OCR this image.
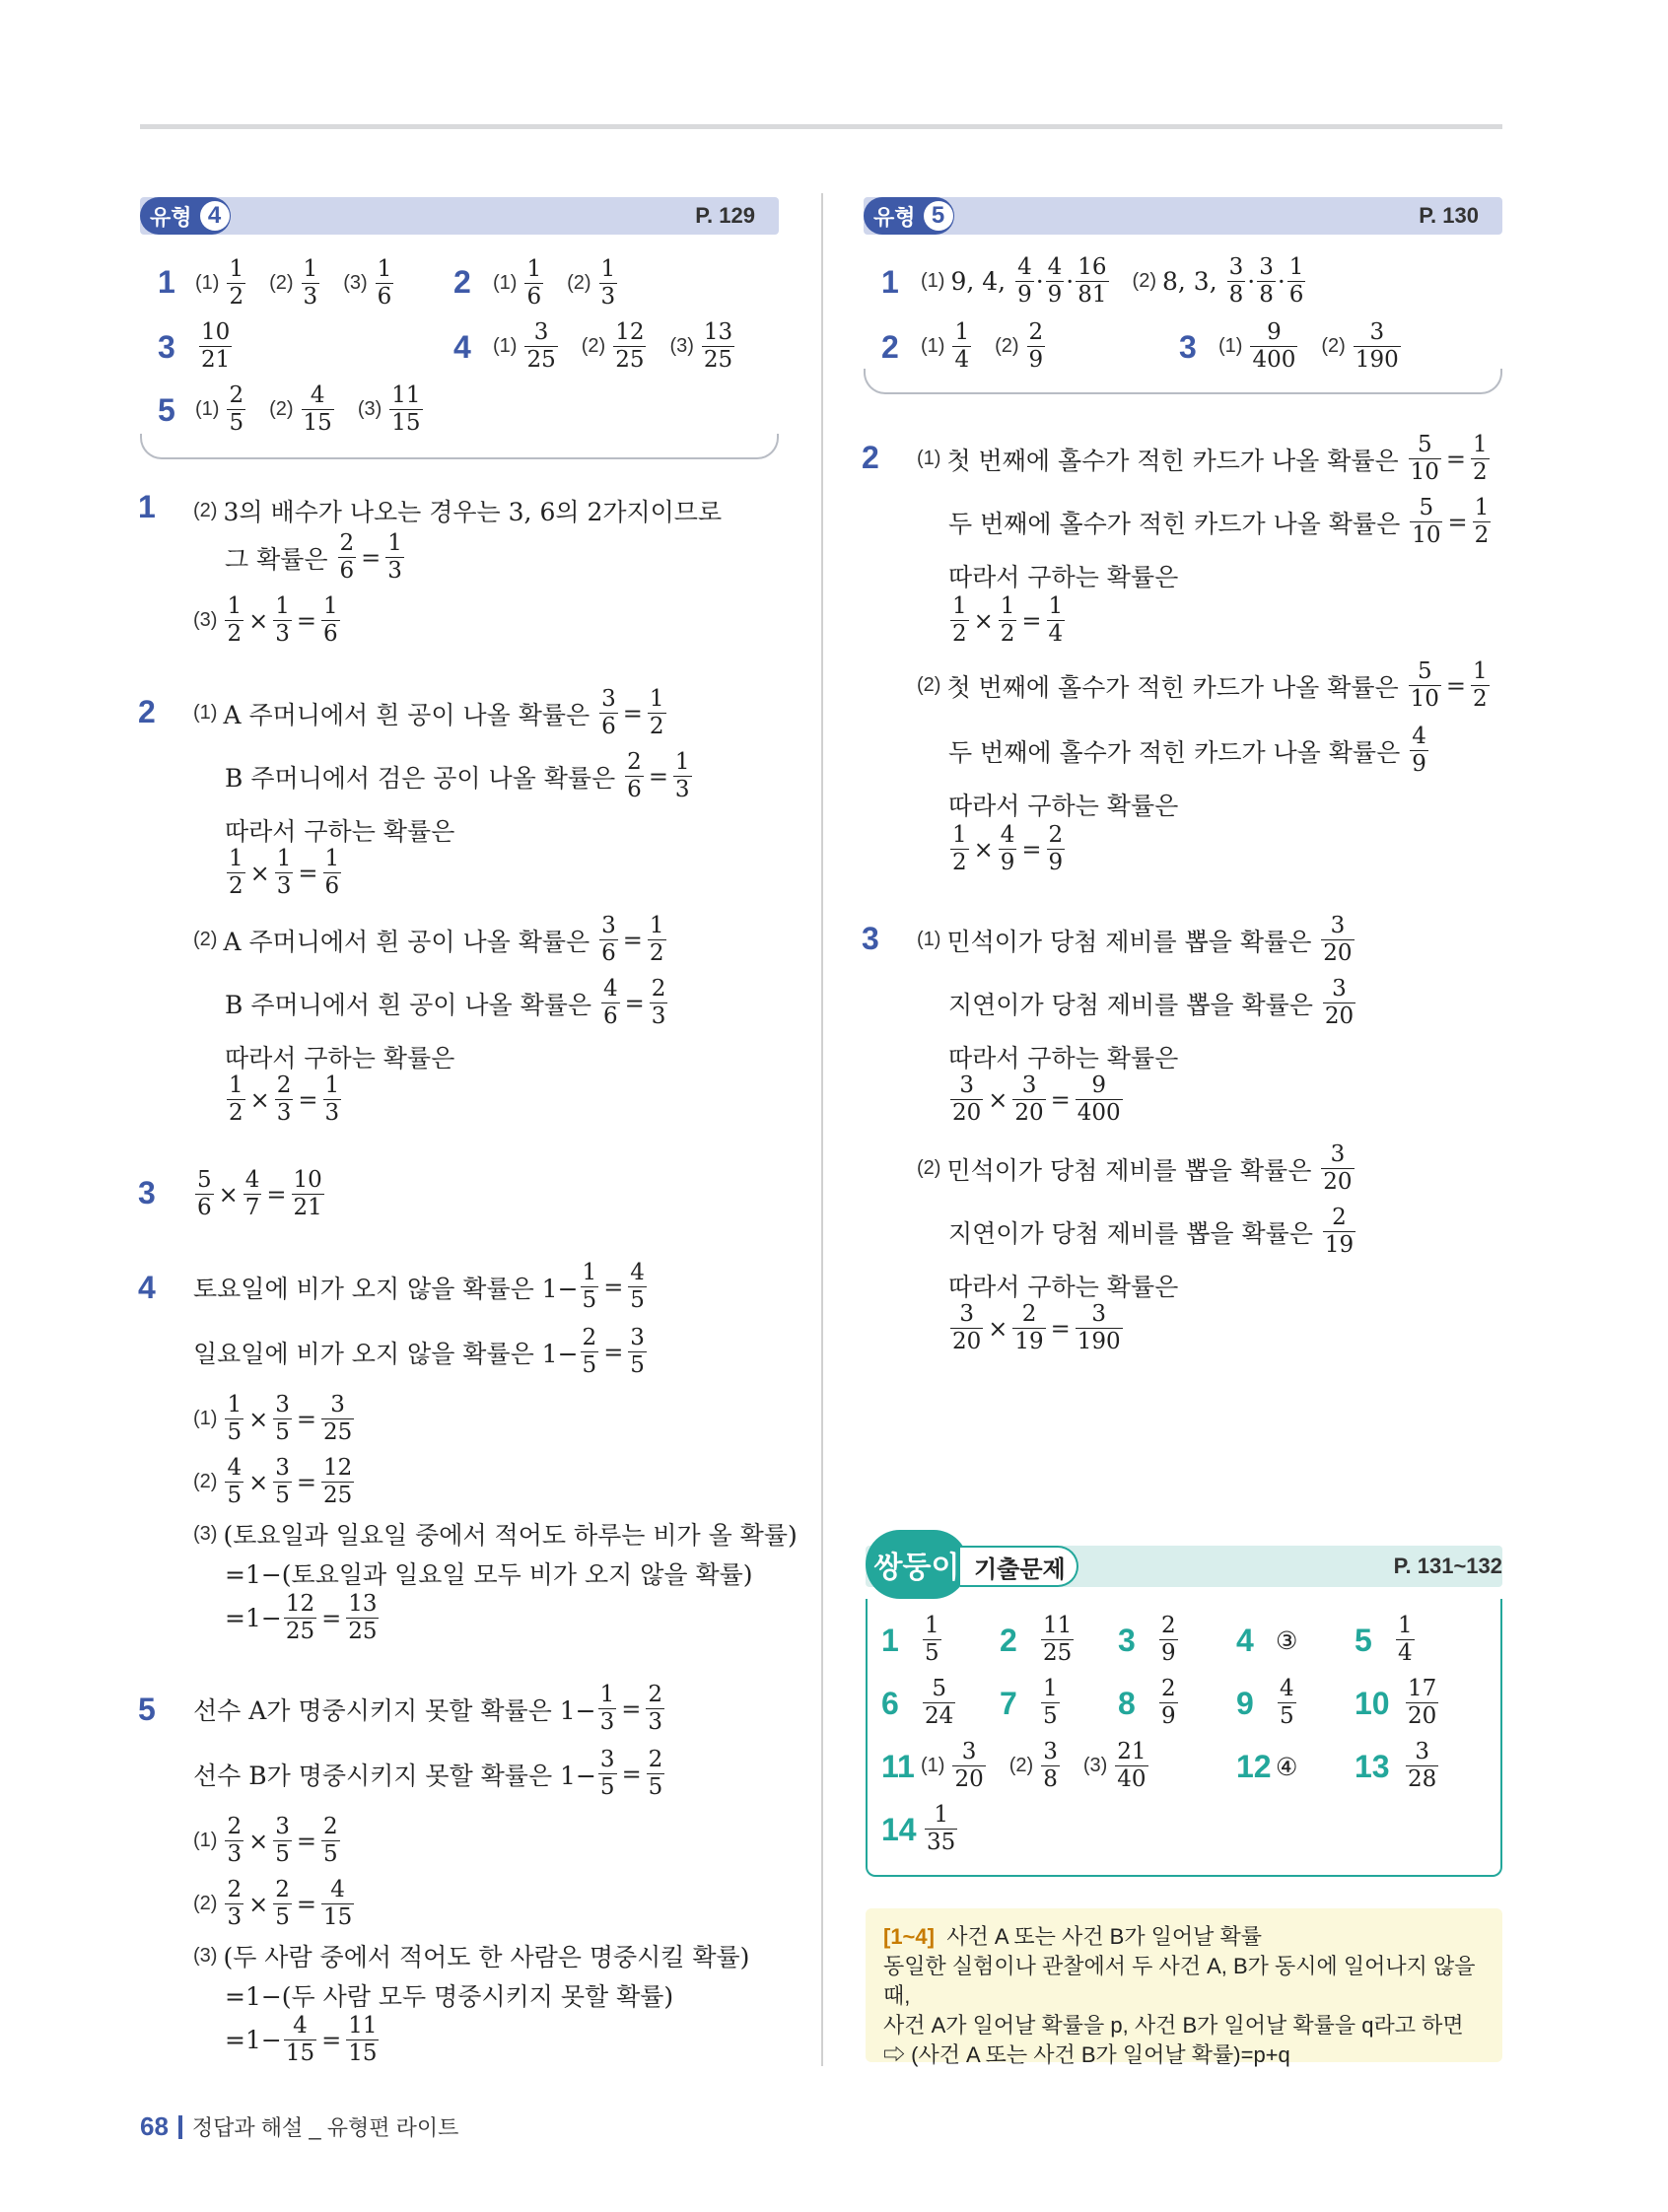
유형 4	P. 129
1 $(1) \frac{1}{2} (2) \frac{1}{3} (3) \frac{1}{6} 2$ $(1) \frac{1}{6} (2) \frac{1}{3}$
$3 \frac{10}{21}$	4 $(1) \frac{3}{25} (2) \frac{12}{25} (3) \frac{13}{25}$
5 $(1) \frac{2}{5} (2) \frac{4}{15} (3) \frac{11}{15}$
1 (2) 3의 배수가 나오는 경우는 3, 6의 2가지이므로
그 확률은
$\frac{2}{6} = \frac{1}{3}$
$(3) \frac{1}{2} \times \frac{1}{3} = \frac{1}{6}$
2 (1) A 주머니에서 흰 공이 나올 확률은
$\frac{3}{6} = \frac{1}{2}$
B 주머니에서 검은 공이 나올 확률은
$\frac{2}{6} = \frac{1}{3}$
따라서 구하는 확률은
$\frac{1}{2} \times \frac{1}{3} = \frac{1}{6}$
(2) A 주머니에서 흰 공이 나올 확률은
$\frac{3}{6} = \frac{1}{2}$
B 주머니에서 흰 공이 나올 확률은
$\frac{4}{6} = \frac{2}{3}$
따라서 구하는 확률은
$\frac{1}{2} \times \frac{2}{3} = \frac{1}{3}$
$3 \frac{5}{6} \times \frac{4}{7} = \frac{10}{21}$
4 토요일에 비가 오지 않을 확률은 $1- \frac{1}{5} = \frac{4}{5}$
일요일에 비가 오지 않을 확률은 $1- \frac{2}{5} = \frac{3}{5}$
$(1) \frac{1}{5} \times \frac{3}{5} = \frac{3}{25}$
$(2) \frac{4}{5} \times \frac{3}{5} = \frac{12}{25}$
(3) (토요일과 일요일 중에서 적어도 하루는 비가 올 확률)
=1−(토요일과 일요일 모두 비가 오지 않을 확률)
$=1- \frac{12}{25} = \frac{13}{25}$
5 선수 A가 명중시키지 못할 확률은 $1- \frac{1}{3} = \frac{2}{3}$
선수 B가 명중시키지 못할 확률은 $1- \frac{3}{5} = \frac{2}{5}$
$(1) \frac{2}{3} \times \frac{3}{5} = \frac{2}{5}$
$(2) \frac{2}{3} \times \frac{2}{5} = \frac{4}{15}$
(3) (두 사람 중에서 적어도 한 사람은 명중시킬 확률)
=1−(두 사람 모두 명중시키지 못할 확률)
$=1- \frac{4}{15} = \frac{11}{15}$
유형 5	P. 130
1 (1) 9, 4,
$\frac{4}{9} \cdot \frac{4}{9} \cdot \frac{16}{81} (2)$ 8, 3,
$\frac{3}{8} \cdot \frac{3}{8} \cdot \frac{1}{6}$
2 $(1) \frac{1}{4} (2) \frac{2}{9}$	3 $(1) \frac{9}{400} (2) \frac{3}{190}$
2 (1) 첫 번째에 홀수가 적힌 카드가 나올 확률은
$\frac{5}{10} = \frac{1}{2}$
두 번째에 홀수가 적힌 카드가 나올 확률은
$\frac{5}{10} = \frac{1}{2}$
따라서 구하는 확률은
$\frac{1}{2} \times \frac{1}{2} = \frac{1}{4}$
(2) 첫 번째에 홀수가 적힌 카드가 나올 확률은
$\frac{5}{10} = \frac{1}{2}$
두 번째에 홀수가 적힌 카드가 나올 확률은
$\frac{4}{9}$
따라서 구하는 확률은
$\frac{1}{2} \times \frac{4}{9} = \frac{2}{9}$
3 (1) 민석이가 당첨 제비를 뽑을 확률은
$\frac{3}{20}$
지연이가 당첨 제비를 뽑을 확률은
$\frac{3}{20}$
따라서 구하는 확률은
$\frac{3}{20} \times \frac{3}{20} = \frac{9}{400}$
(2) 민석이가 당첨 제비를 뽑을 확률은
$\frac{3}{20}$
지연이가 당첨 제비를 뽑을 확률은
$\frac{2}{19}$
따라서 구하는 확률은
$\frac{3}{20} \times \frac{2}{19} = \frac{3}{190}$
쌍둥이 기출문제	P. 131~132
$1 \frac{1}{5} 2 \frac{11}{25} 3 \frac{2}{9} 4$ ③ $5 \frac{1}{4}$
$6 \frac{5}{24} 7 \frac{1}{5} 8 \frac{2}{9} 9 \frac{4}{5} 10 \frac{17}{20}$
11 $(1) \frac{3}{20} (2) \frac{3}{8} (3) \frac{21}{40}$	12 ④ $13 \frac{3}{28}$
$14 \frac{1}{35}$
[1~4] 사건 A 또는 사건 B가 일어날 확률
동일한 실험이나 관찰에서 두 사건 A, B가 동시에 일어나지 않을 때,
사건 A가 일어날 확률을 p, 사건 B가 일어날 확률을 q라고 하면
⇨ (사건 A 또는 사건 B가 일어날 확률)=p+q
68 정답과 해설 _ 유형편 라이트
